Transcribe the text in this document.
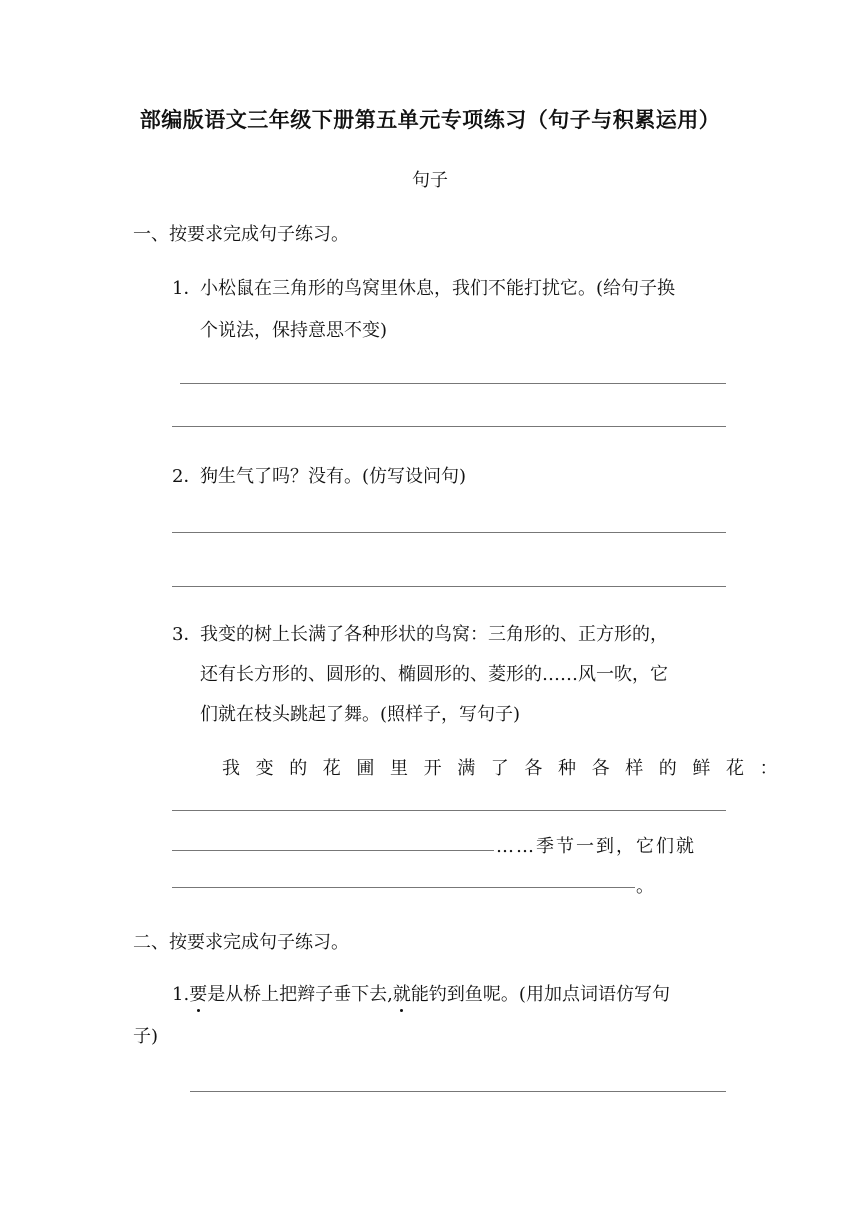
部编版语文三年级下册第五单元专项练习（句子与积累运用）
句子
一、按要求完成句子练习。
1．
小松鼠在三角形的鸟窝里休息，我们不能打扰它。(给句子换
个说法，保持意思不变)
2．
狗生气了吗？没有。(仿写设问句)
3．
我变的树上长满了各种形状的鸟窝：三角形的、正方形的，
还有长方形的、圆形的、椭圆形的、菱形的……风一吹，它
们就在枝头跳起了舞。(照样子，写句子)
我变的花圃里开满了各种各样的鲜花：
……季节一到，它们就
。
二、按要求完成句子练习。
1.要是从桥上把辫子垂下去,就能钓到鱼呢。(用加点词语仿写句
子)
